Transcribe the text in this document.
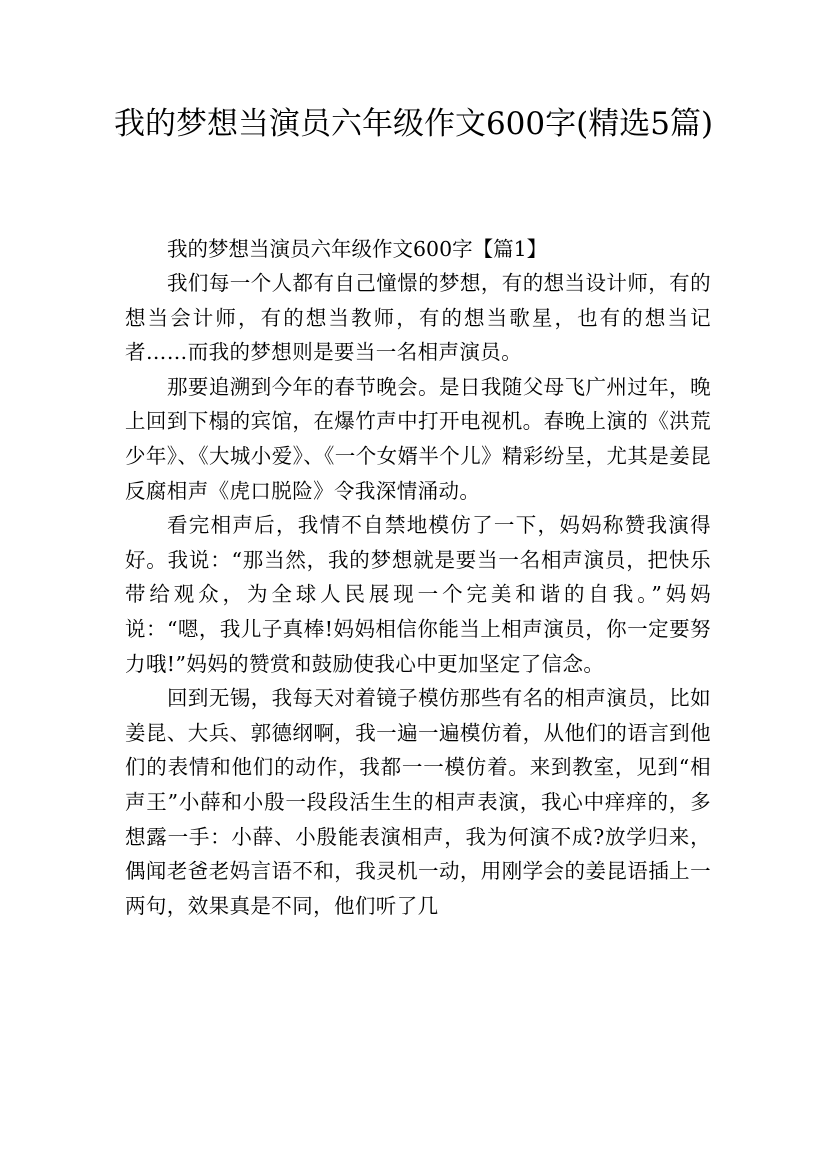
我的梦想当演员六年级作文600字(精选5篇)

我的梦想当演员六年级作文600字【篇1】

我们每一个人都有自己憧憬的梦想，有的想当设计师，有的想当会计师，有的想当教师，有的想当歌星，也有的想当记者……而我的梦想则是要当一名相声演员。

那要追溯到今年的春节晚会。是日我随父母飞广州过年，晚上回到下榻的宾馆，在爆竹声中打开电视机。春晚上演的《洪荒少年》、《大城小爱》、《一个女婿半个儿》精彩纷呈，尤其是姜昆反腐相声《虎口脱险》令我深情涌动。

看完相声后，我情不自禁地模仿了一下，妈妈称赞我演得好。我说：“那当然，我的梦想就是要当一名相声演员，把快乐带给观众，为全球人民展现一个完美和谐的自我。”妈妈说：“嗯，我儿子真棒!妈妈相信你能当上相声演员，你一定要努力哦!”妈妈的赞赏和鼓励使我心中更加坚定了信念。

回到无锡，我每天对着镜子模仿那些有名的相声演员，比如姜昆、大兵、郭德纲啊，我一遍一遍模仿着，从他们的语言到他们的表情和他们的动作，我都一一模仿着。来到教室，见到“相声王”小薛和小殷一段段活生生的相声表演，我心中痒痒的，多想露一手：小薛、小殷能表演相声，我为何演不成?放学归来，偶闻老爸老妈言语不和，我灵机一动，用刚学会的姜昆语插上一两句，效果真是不同，他们听了几
